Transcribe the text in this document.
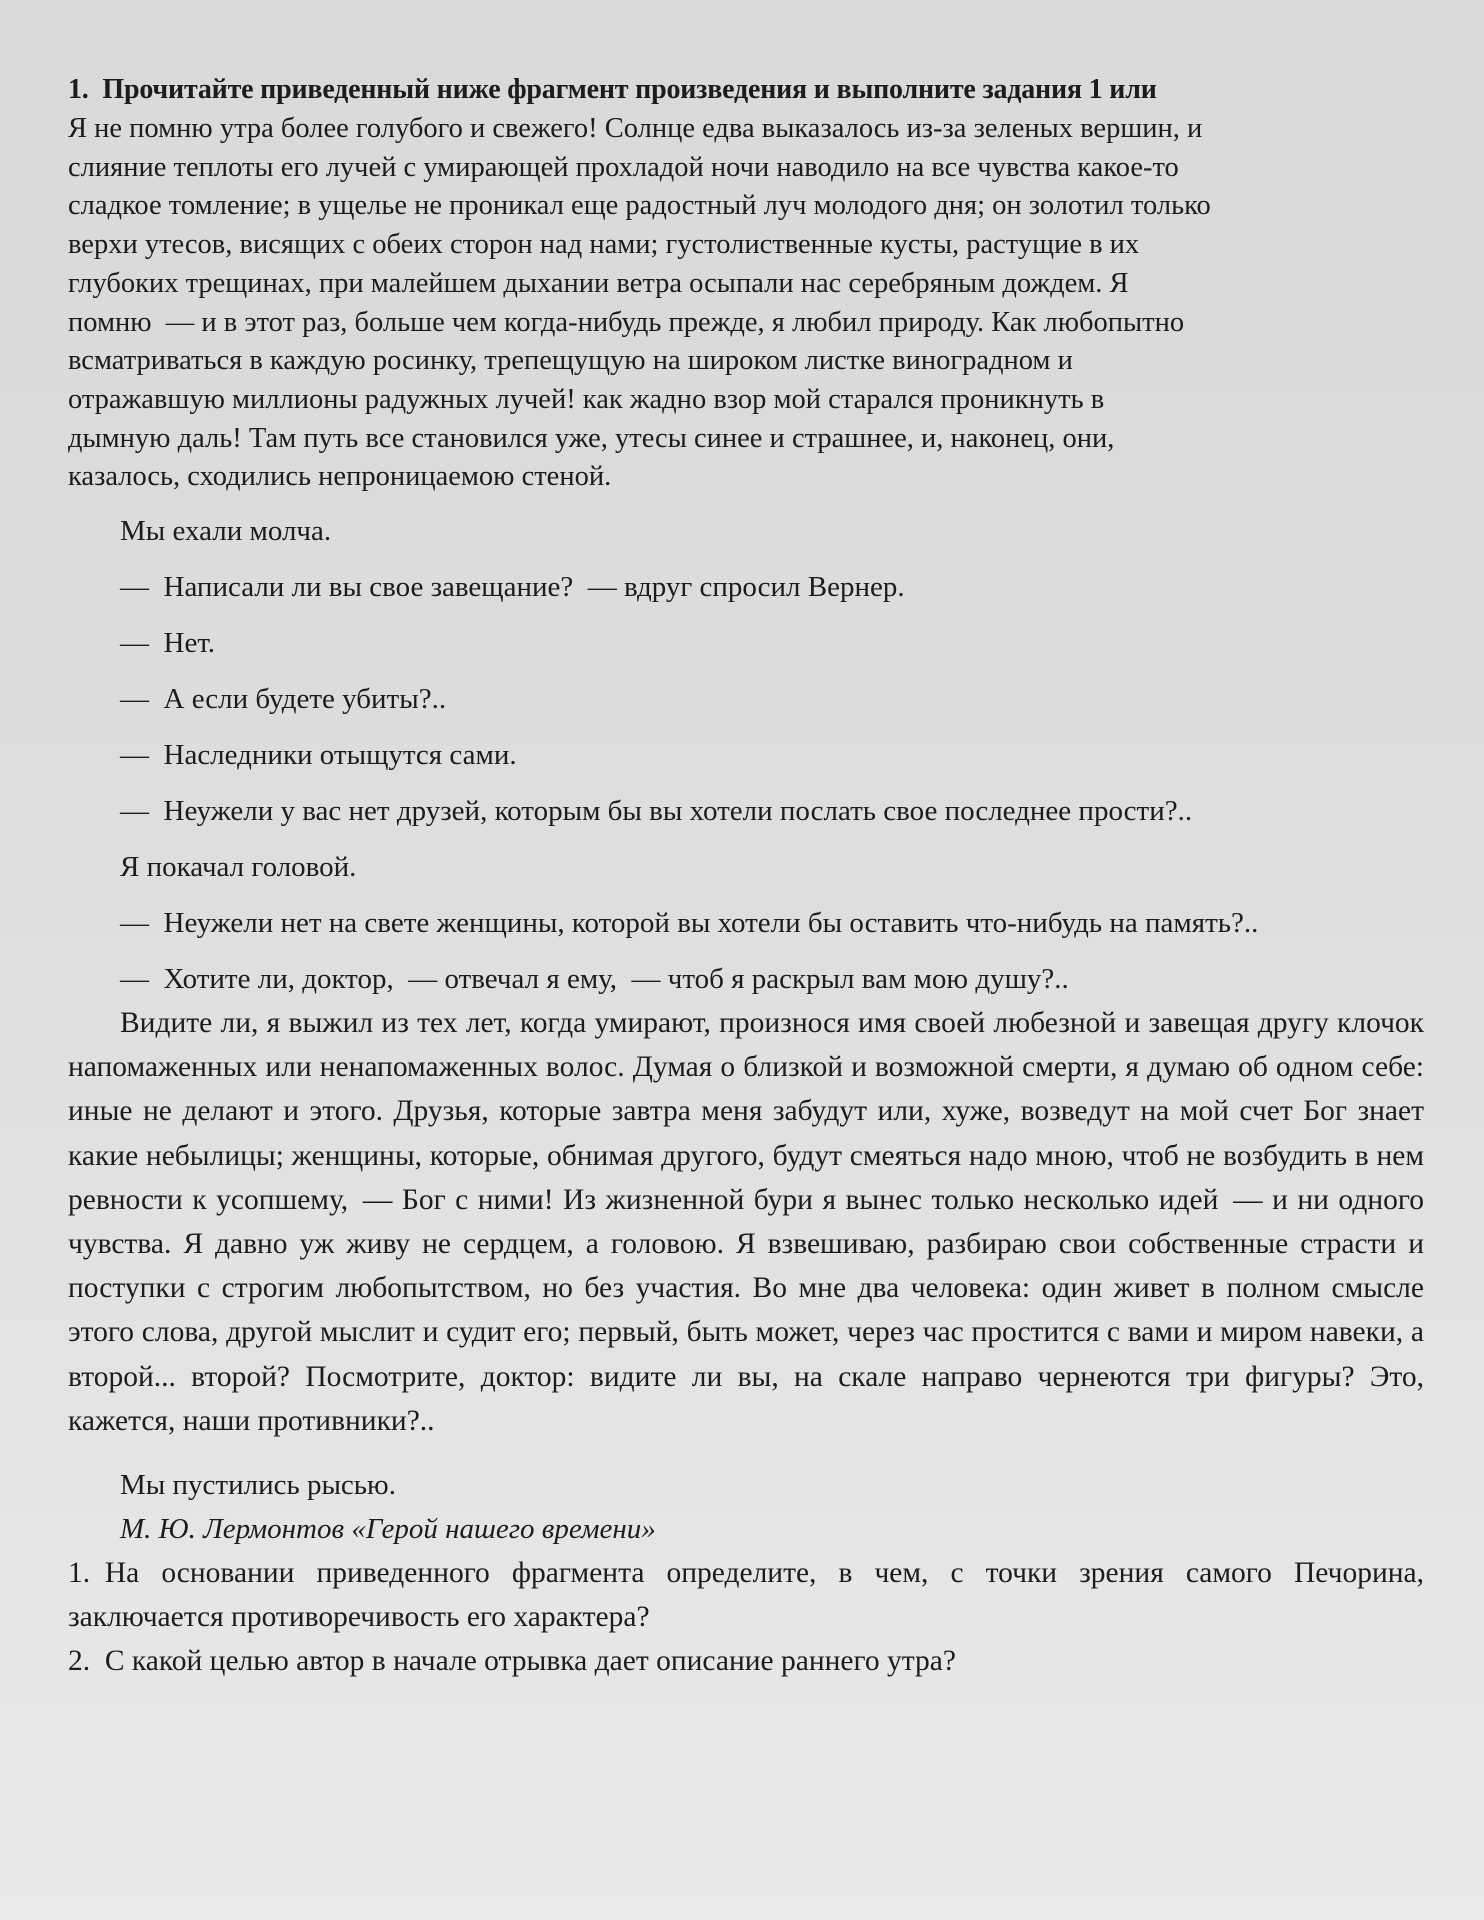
1. Прочитайте приведенный ниже фрагмент произведения и выполните задания 1 или

Я не помню утра более голубого и свежего! Солнце едва выказалось из-за зеленых вершин, и
слияние теплоты его лучей с умирающей прохладой ночи наводило на все чувства какое-то
сладкое томление; в ущелье не проникал еще радостный луч молодого дня; он золотил только
верхи утесов, висящих с обеих сторон над нами; густолиственные кусты, растущие в их
глубоких трещинах, при малейшем дыхании ветра осыпали нас серебряным дождем. Я
помню — и в этот раз, больше чем когда-нибудь прежде, я любил природу. Как любопытно
всматриваться в каждую росинку, трепещущую на широком листке виноградном и
отражавшую миллионы радужных лучей! как жадно взор мой старался проникнуть в
дымную даль! Там путь все становился уже, утесы синее и страшнее, и, наконец, они,
казалось, сходились непроницаемою стеной.

Мы ехали молча.

— Написали ли вы свое завещание? — вдруг спросил Вернер.

— Нет.

— А если будете убиты?..

— Наследники отыщутся сами.

— Неужели у вас нет друзей, которым бы вы хотели послать свое последнее прости?..

Я покачал головой.

— Неужели нет на свете женщины, которой вы хотели бы оставить что-нибудь на память?..

— Хотите ли, доктор, — отвечал я ему, — чтоб я раскрыл вам мою душу?..

Видите ли, я выжил из тех лет, когда умирают, произнося имя своей любезной и завещая другу клочок напомаженных или ненапомаженных волос. Думая о близкой и возможной смерти, я думаю об одном себе: иные не делают и этого. Друзья, которые завтра меня забудут или, хуже, возведут на мой счет Бог знает какие небылицы; женщины, которые, обнимая другого, будут смеяться надо мною, чтоб не возбудить в нем ревности к усопшему, — Бог с ними! Из жизненной бури я вынес только несколько идей — и ни одного чувства. Я давно уж живу не сердцем, а головою. Я взвешиваю, разбираю свои собственные страсти и поступки с строгим любопытством, но без участия. Во мне два человека: один живет в полном смысле этого слова, другой мыслит и судит его; первый, быть может, через час простится с вами и миром навеки, а второй... второй? Посмотрите, доктор: видите ли вы, на скале направо чернеются три фигуры? Это, кажется, наши противники?..

Мы пустились рысью.

М. Ю. Лермонтов «Герой нашего времени»

1. На основании приведенного фрагмента определите, в чем, с точки зрения самого Печорина, заключается противоречивость его характера?

2. С какой целью автор в начале отрывка дает описание раннего утра?
